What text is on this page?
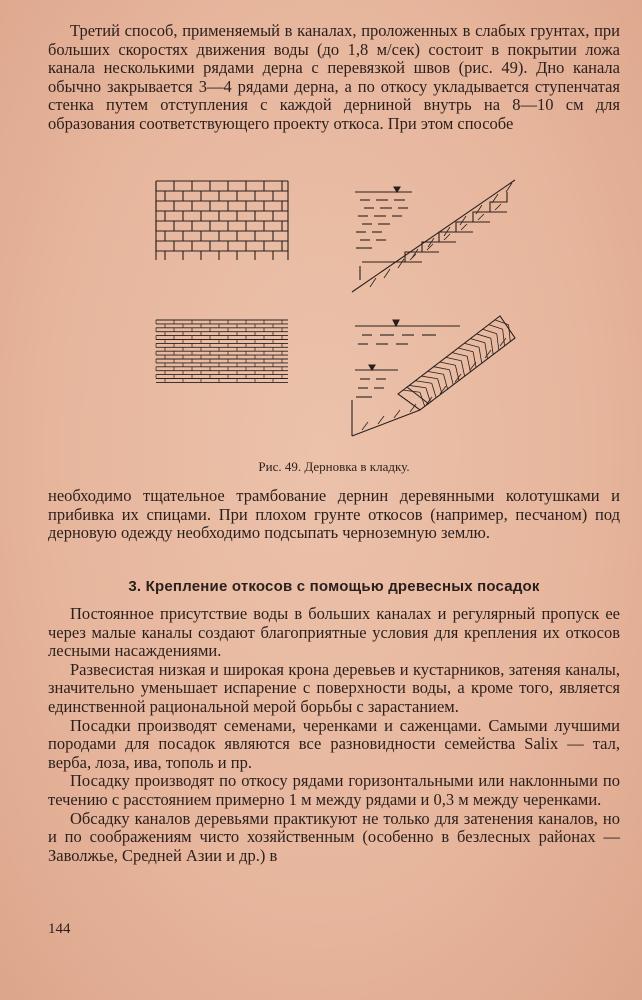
Третий способ, применяемый в каналах, проложенных в слабых грунтах, при больших скоростях движения воды (до 1,8 м/сек) состоит в покрытии ложа канала несколькими рядами дерна с перевязкой швов (рис. 49). Дно канала обычно закрывается 3—4 рядами дерна, а по откосу укладывается ступенчатая стенка путем отступления с каждой дерниной внутрь на 8—10 см для образования соответствующего проекту откоса. При этом способе

Рис. 49. Дерновка в кладку.

необходимо тщательное трамбование дернин деревянными колотушками и прибивка их спицами. При плохом грунте откосов (например, песчаном) под дерновую одежду необходимо подсыпать черноземную землю.

3. Крепление откосов с помощью древесных посадок

Постоянное присутствие воды в больших каналах и регулярный пропуск ее через малые каналы создают благоприятные условия для крепления их откосов лесными насаждениями.

Развесистая низкая и широкая крона деревьев и кустарников, затеняя каналы, значительно уменьшает испарение с поверхности воды, а кроме того, является единственной рациональной мерой борьбы с зарастанием.

Посадки производят семенами, черенками и саженцами. Самыми лучшими породами для посадок являются все разновидности семейства Salix — тал, верба, лоза, ива, тополь и пр.

Посадку производят по откосу рядами горизонтальными или наклонными по течению с расстоянием примерно 1 м между рядами и 0,3 м между черенками.

Обсадку каналов деревьями практикуют не только для затенения каналов, но и по соображениям чисто хозяйственным (особенно в безлесных районах — Заволжье, Средней Азии и др.) в

144
